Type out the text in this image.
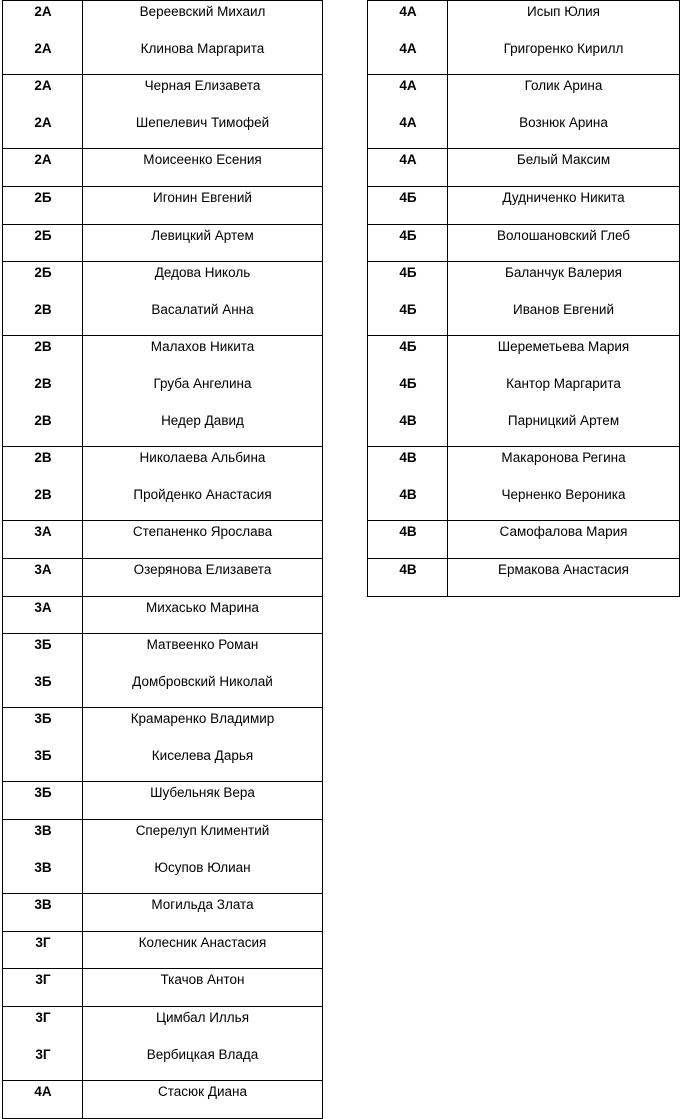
2А	Вереевский Михаил
2А	Клинова Маргарита
2А	Черная Елизавета
2А	Шепелевич Тимофей
2А	Моисеенко Есения
2Б	Игонин Евгений
2Б	Левицкий Артем
2Б	Дедова Николь
2В	Васалатий Анна
2В	Малахов Никита
2В	Груба Ангелина
2В	Недер Давид
2В	Николаева Альбина
2В	Пройденко Анастасия
3А	Степаненко Ярослава
3А	Озерянова Елизавета
3А	Михасько Марина
3Б	Матвеенко Роман
3Б	Домбровский Николай
3Б	Крамаренко Владимир
3Б	Киселева Дарья
3Б	Шубельняк Вера
3В	Сперелуп Климентий
3В	Юсупов Юлиан
3В	Могильда Злата
3Г	Колесник Анастасия
3Г	Ткачов Антон
3Г	Цимбал Иллья
3Г	Вербицкая Влада
4А	Стасюк Диана
4А	Исып Юлия
4А	Григоренко Кирилл
4А	Голик Арина
4А	Вознюк Арина
4А	Белый Максим
4Б	Дудниченко Никита
4Б	Волошановский Глеб
4Б	Баланчук Валерия
4Б	Иванов Евгений
4Б	Шереметьева Мария
4Б	Кантор Маргарита
4В	Парницкий Артем
4В	Макаронова Регина
4В	Черненко Вероника
4В	Самофалова Мария
4В	Ермакова Анастасия
